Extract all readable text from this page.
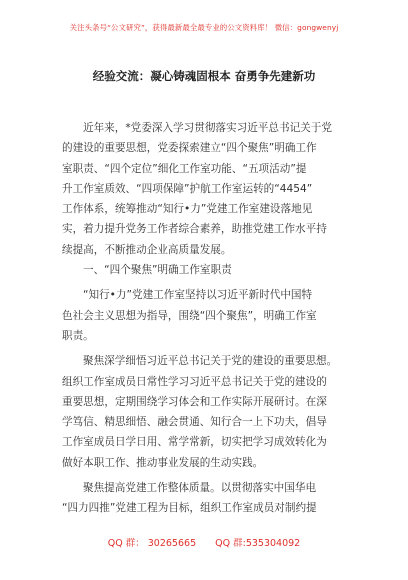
关注头条号“公文研究”，获得最新最全最专业的公文资料库！ 微信：gongwenyj
经验交流：凝心铸魂固根本 奋勇争先建新功
近年来，*党委深入学习贯彻落实习近平总书记关于党
的建设的重要思想，党委探索建立“四个聚焦”明确工作
室职责、“四个定位”细化工作室功能、“五项活动”提
升工作室质效、“四项保障”护航工作室运转的“4454”
工作体系，统筹推动“知行•力”党建工作室建设落地见
实，着力提升党务工作者综合素养，助推党建工作水平持
续提高，不断推动企业高质量发展。
一、“四个聚焦”明确工作室职责
“知行•力”党建工作室坚持以习近平新时代中国特
色社会主义思想为指导，围绕“四个聚焦”，明确工作室
职责。
聚焦深学细悟习近平总书记关于党的建设的重要思想。
组织工作室成员日常性学习习近平总书记关于党的建设的
重要思想，定期围绕学习体会和工作实际开展研讨。在深
学笃信、精思细悟、融会贯通、知行合一上下功夫，倡导
工作室成员日学日用、常学常新，切实把学习成效转化为
做好本职工作、推动事业发展的生动实践。
聚焦提高党建工作整体质量。以贯彻落实中国华电
“四力四推”党建工程为目标，组织工作室成员对制约提
QQ 群： 30265665 QQ 群:535304092
